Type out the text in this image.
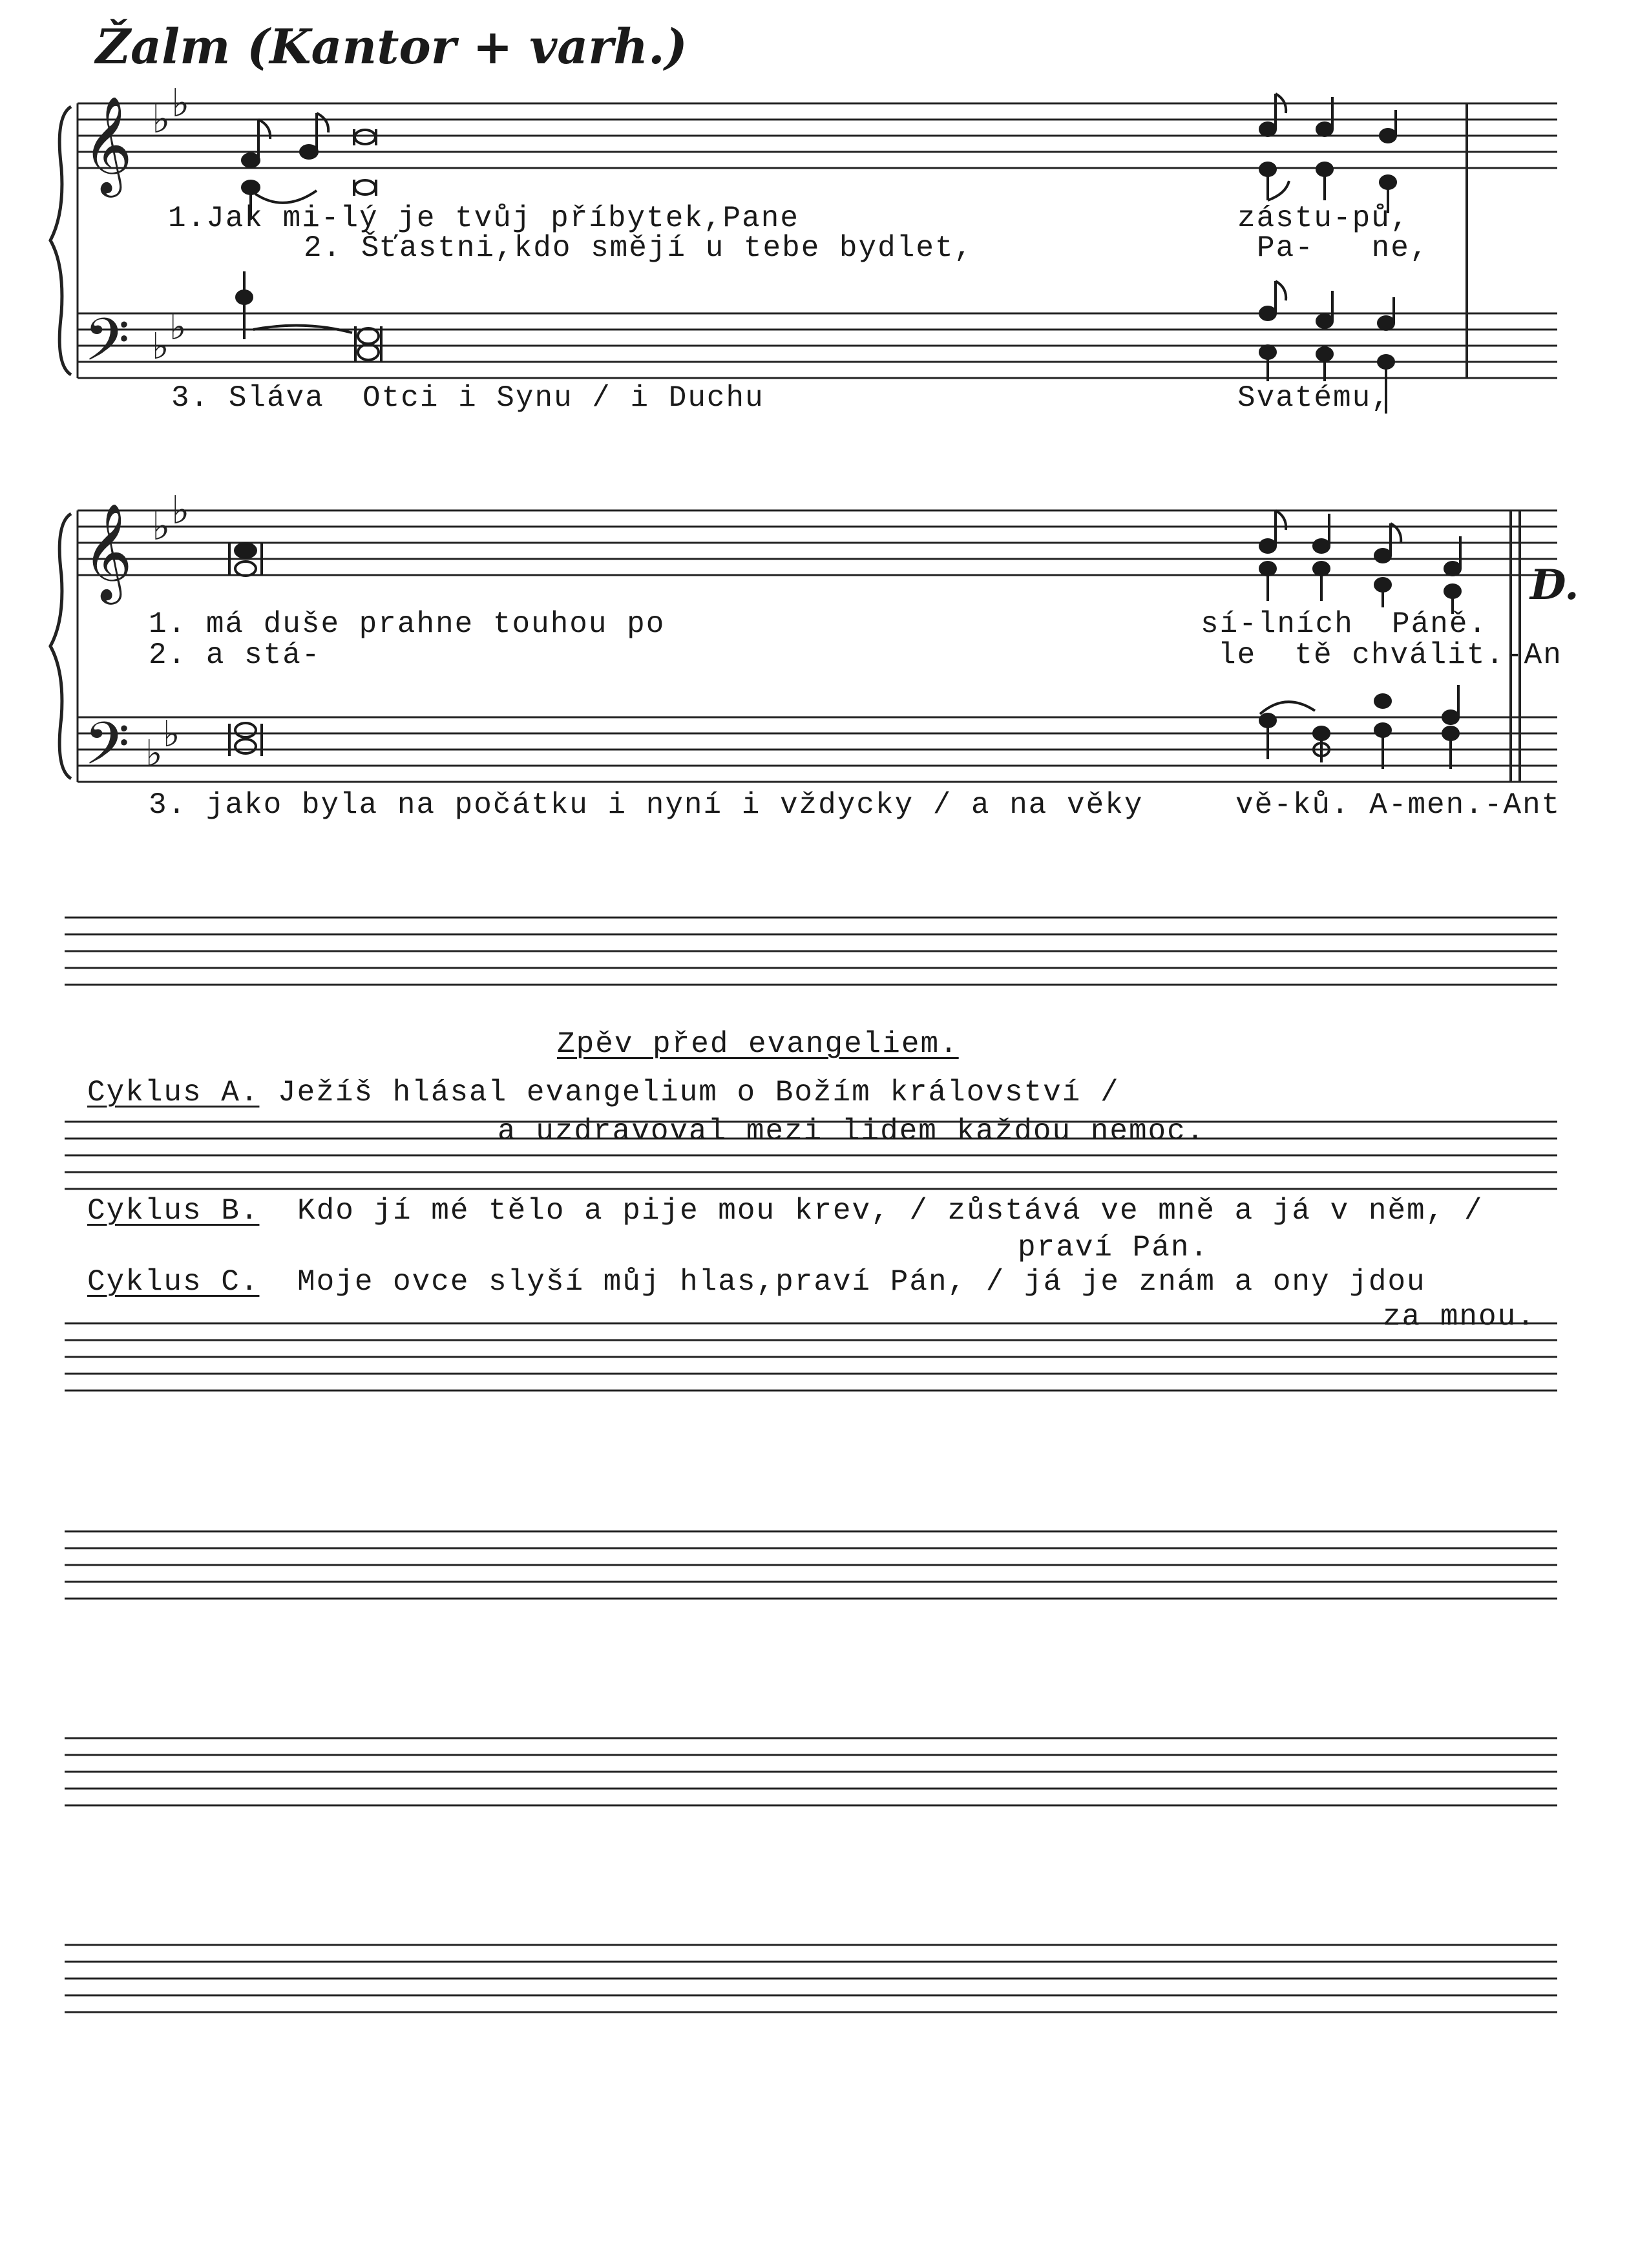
𝄞 ♭ ♭
𝄢 ♭ ♭
𝄞 ♭ ♭
𝄢 ♭ ♭
Žalm (Kantor + varh.)
1.Jak mi-lý je tvůj příbytek,Pane	zástu-pů,
2. Šťastni,kdo smějí u tebe bydlet,	Pa-   ne,
3. Sláva  Otci i Synu / i Duchu	Svatému,
1. má duše prahne touhou po	sí-lních  Páně.
2. a stá-	le  tě chválit.-An
3. jako byla na počátku i nyní i vždycky / a na věky	vě-ků. A-men.-Ant
D.
Zpěv před evangeliem.
Cyklus A. Ježíš hlásal evangelium o Božím království /
a uzdravoval mezi lidem každou nemoc.
Cyklus B. Kdo jí mé tělo a pije mou krev, / zůstává ve mně a já v něm, /
praví Pán.
Cyklus C. Moje ovce slyší můj hlas,praví Pán, / já je znám a ony jdou
za mnou.
